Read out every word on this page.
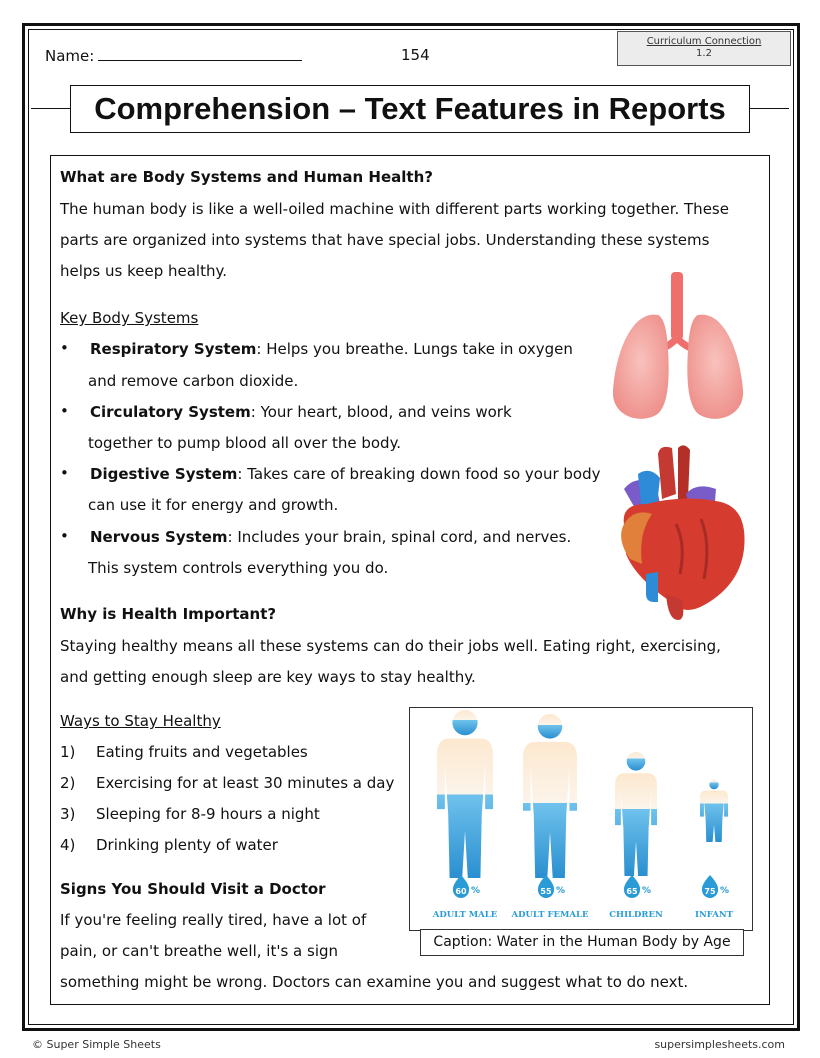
Name:	154
Curriculum Connection
1.2
Comprehension – Text Features in Reports
What are Body Systems and Human Health?
The human body is like a well-oiled machine with different parts working together. These
parts are organized into systems that have special jobs. Understanding these systems
helps us keep healthy.
Key Body Systems
• Respiratory System: Helps you breathe. Lungs take in oxygen
and remove carbon dioxide.
• Circulatory System: Your heart, blood, and veins work
together to pump blood all over the body.
• Digestive System: Takes care of breaking down food so your body
can use it for energy and growth.
• Nervous System: Includes your brain, spinal cord, and nerves.
This system controls everything you do.
Why is Health Important?
Staying healthy means all these systems can do their jobs well. Eating right, exercising,
and getting enough sleep are key ways to stay healthy.
Ways to Stay Healthy
1) Eating fruits and vegetables
2) Exercising for at least 30 minutes a day
3) Sleeping for 8-9 hours a night
4) Drinking plenty of water
Signs You Should Visit a Doctor
If you're feeling really tired, have a lot of
pain, or can't breathe well, it's a sign
something might be wrong. Doctors can examine you and suggest what to do next.
60 %
ADULT MALE
55 %
ADULT FEMALE
65 %
CHILDREN
75 %
INFANT
Caption: Water in the Human Body by Age
© Super Simple Sheets	supersimplesheets.com
